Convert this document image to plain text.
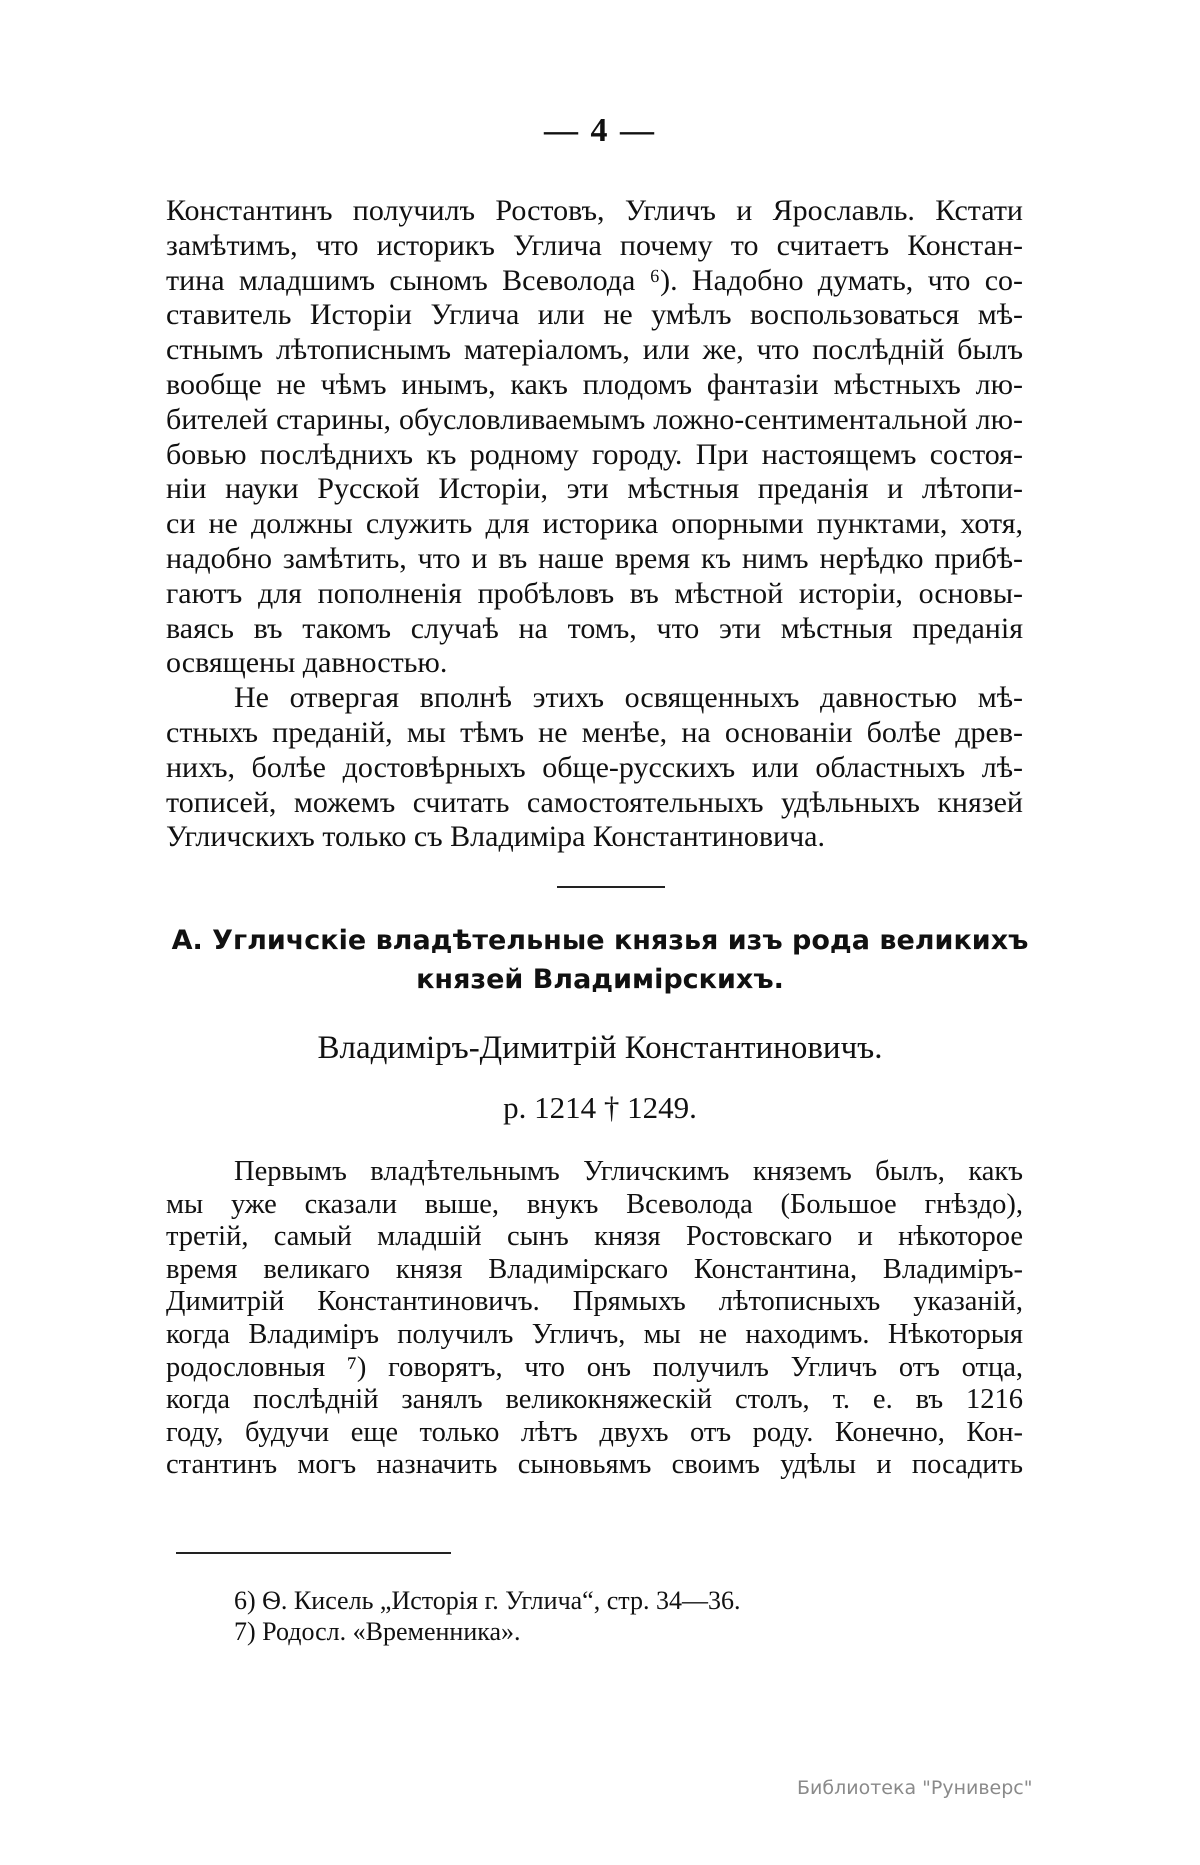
— 4 —
Константинъ получилъ Ростовъ, Угличъ и Ярославль. Кстати
замѣтимъ, что историкъ Углича почему то считаетъ Констан-
тина младшимъ сыномъ Всеволода ⁶). Надобно думать, что со-
ставитель Исторіи Углича или не умѣлъ воспользоваться мѣ-
стнымъ лѣтописнымъ матеріаломъ, или же, что послѣдній былъ
вообще не чѣмъ инымъ, какъ плодомъ фантазіи мѣстныхъ лю-
бителей старины, обусловливаемымъ ложно-сентиментальной лю-
бовью послѣднихъ къ родному городу. При настоящемъ состоя-
ніи науки Русской Исторіи, эти мѣстныя преданія и лѣтопи-
си не должны служить для историка опорными пунктами, хотя,
надобно замѣтить, что и въ наше время къ нимъ нерѣдко прибѣ-
гаютъ для пополненія пробѣловъ въ мѣстной исторіи, основы-
ваясь въ такомъ случаѣ на томъ, что эти мѣстныя преданія
освящены давностью.
Не отвергая вполнѣ этихъ освященныхъ давностью мѣ-
стныхъ преданій, мы тѣмъ не менѣе, на основаніи болѣе древ-
нихъ, болѣе достовѣрныхъ обще-русскихъ или областныхъ лѣ-
тописей, можемъ считать самостоятельныхъ удѣльныхъ князей
Угличскихъ только съ Владиміра Константиновича.
А. Угличскіе владѣтельные князья изъ рода великихъ
князей Владимірскихъ.
Владиміръ-Димитрій Константиновичъ.
р. 1214 † 1249.
Первымъ владѣтельнымъ Угличскимъ княземъ былъ, какъ
мы уже сказали выше, внукъ Всеволода (Большое гнѣздо),
третій, самый младшій сынъ князя Ростовскаго и нѣкоторое
время великаго князя Владимірскаго Константина, Владиміръ-
Димитрій Константиновичъ. Прямыхъ лѣтописныхъ указаній,
когда Владиміръ получилъ Угличъ, мы не находимъ. Нѣкоторыя
родословныя ⁷) говорятъ, что онъ получилъ Угличъ отъ отца,
когда послѣдній занялъ великокняжескій столъ, т. е. въ 1216
году, будучи еще только лѣтъ двухъ отъ роду. Конечно, Кон-
стантинъ могъ назначить сыновьямъ своимъ удѣлы и посадить
6) Ѳ. Кисель „Исторія г. Углича“, стр. 34—36.
7) Родосл. «Временника».
Библиотека "Руниверс"
